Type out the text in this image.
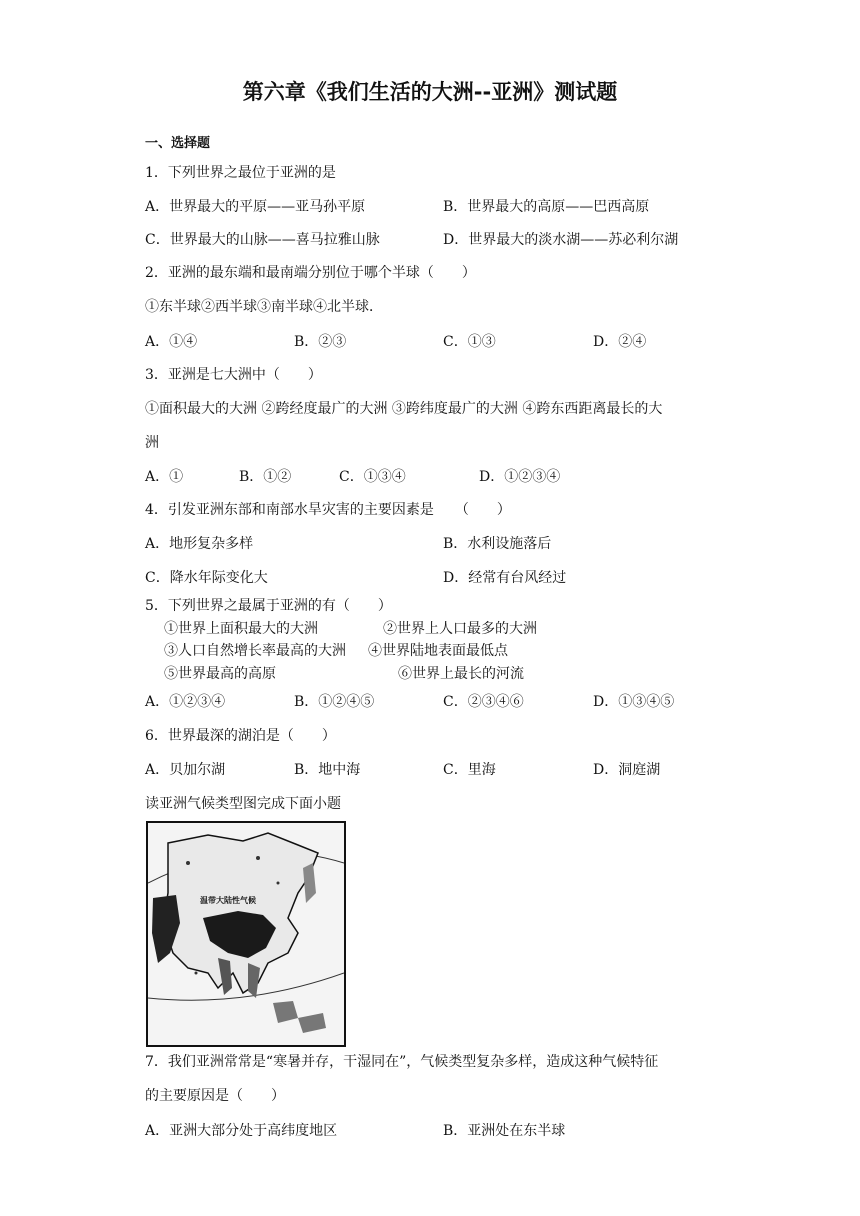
第六章《我们生活的大洲--亚洲》测试题
一、选择题
1．下列世界之最位于亚洲的是
A．世界最大的平原——亚马孙平原	B．世界最大的高原——巴西高原
C．世界最大的山脉——喜马拉雅山脉	D．世界最大的淡水湖——苏必利尔湖
2．亚洲的最东端和最南端分别位于哪个半球（　　）
①东半球②西半球③南半球④北半球．
A．①④	B．②③	C．①③	D．②④
3．亚洲是七大洲中（　　）
①面积最大的大洲 ②跨经度最广的大洲 ③跨纬度最广的大洲 ④跨东西距离最长的大
洲
A．①	B．①②	C．①③④	D．①②③④
4．引发亚洲东部和南部水旱灾害的主要因素是　　（　　）
A．地形复杂多样	B．水利设施落后
C．降水年际变化大	D．经常有台风经过
5．下列世界之最属于亚洲的有（　　）
①世界上面积最大的大洲	②世界上人口最多的大洲
③人口自然增长率最高的大洲 ④世界陆地表面最低点
⑤世界最高的高原	⑥世界上最长的河流
A．①②③④	B．①②④⑤	C．②③④⑥	D．①③④⑤
6．世界最深的湖泊是（　　）
A．贝加尔湖	B．地中海	C．里海	D．洞庭湖
读亚洲气候类型图完成下面小题
温带大陆性气候
7．我们亚洲常常是“寒暑并存，干湿同在”，气候类型复杂多样，造成这种气候特征
的主要原因是（　　）
A．亚洲大部分处于高纬度地区	B．亚洲处在东半球
